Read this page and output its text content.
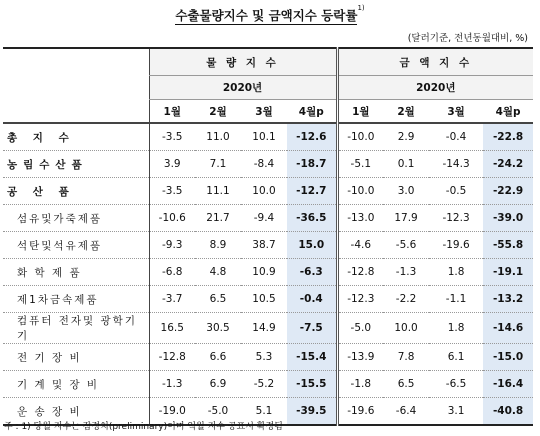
수출물량지수 및 금액지수 등락률$^{1)}$
(달러기준, 전년동월대비, %)
	물 량 지 수				금 액 지 수			
	2020년				2020년			
	1월	2월	3월	4월p	1월	2월	3월	4월p

총 지 수	-3.5	11.0	10.1	-12.6	-10.0	2.9	-0.4	-22.8

농림수산품	3.9	7.1	-8.4	-18.7	-5.1	0.1	-14.3	-24.2

공 산 품	-3.5	11.1	10.0	-12.7	-10.0	3.0	-0.5	-22.9

섬유및가죽제품	-10.6	21.7	-9.4	-36.5	-13.0	17.9	-12.3	-39.0

석탄및석유제품	-9.3	8.9	38.7	15.0	-4.6	-5.6	-19.6	-55.8

화 학 제 품	-6.8	4.8	10.9	-6.3	-12.8	-1.3	1.8	-19.1

제1차금속제품	-3.7	6.5	10.5	-0.4	-12.3	-2.2	-1.1	-13.2

컴퓨터 전자및 광학기기	16.5	30.5	14.9	-7.5	-5.0	10.0	1.8	-14.6

전 기 장 비	-12.8	6.6	5.3	-15.4	-13.9	7.8	6.1	-15.0

기 계 및 장 비	-1.3	6.9	-5.2	-15.5	-1.8	6.5	-6.5	-16.4

운 송 장 비	-19.0	-5.0	5.1	-39.5	-19.6	-6.4	3.1	-40.8
주 : 1) 당월 지수는 잠정치(preliminary)이며 익월 지수 공표시 확정됨
